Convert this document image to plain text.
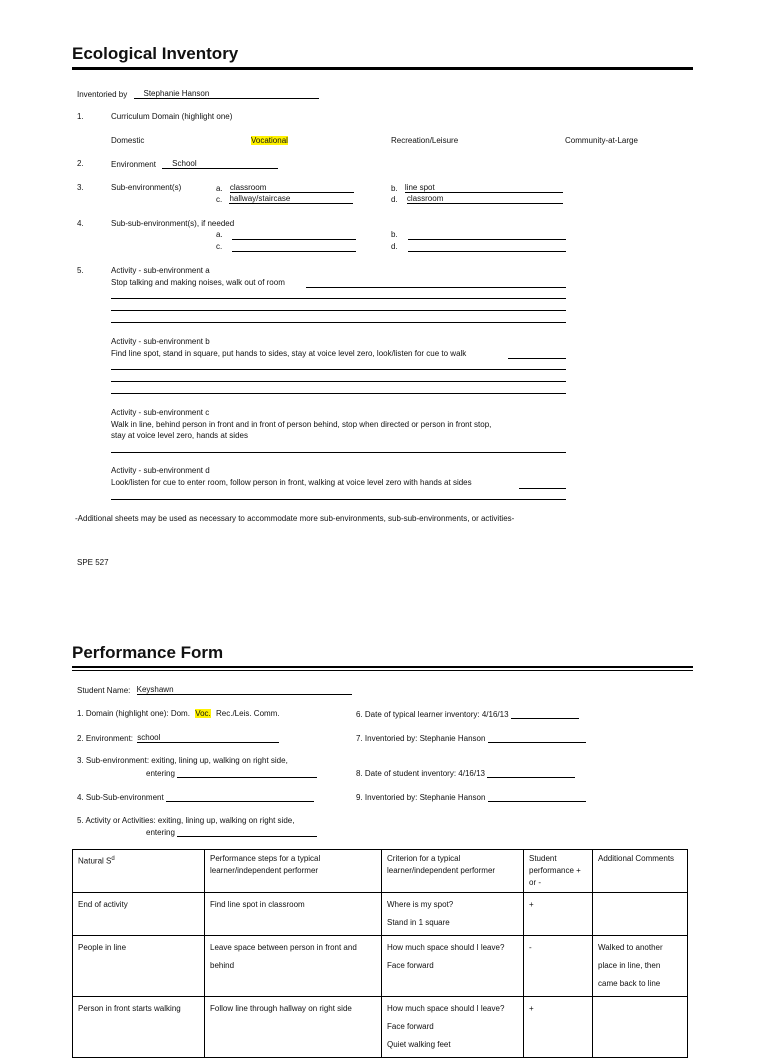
Ecological Inventory
Inventoried by Stephanie Hanson
1.	Curriculum Domain (highlight one)
Domestic	Vocational	Recreation/Leisure	Community-at-Large
2.	Environment School
3.	Sub-environment(s)	a. classroom	b. line spot
c. hallway/staircase	d. classroom
4.	Sub-sub-environment(s), if needed
a.	b.
c.	d.
5.	Activity - sub-environment a
Stop talking and making noises, walk out of room
Activity - sub-environment b
Find line spot, stand in square, put hands to sides, stay at voice level zero, look/listen for cue to walk
Activity - sub-environment c
Walk in line, behind person in front and in front of person behind, stop when directed or person in front stop,
stay at voice level zero, hands at sides
Activity - sub-environment d
Look/listen for cue to enter room, follow person in front, walking at voice level zero with hands at sides
-Additional sheets may be used as necessary to accommodate more sub-environments, sub-sub-environments, or activities-
SPE 527
Performance Form
Student Name: Keyshawn
1. Domain (highlight one): Dom. Voc. Rec./Leis. Comm.	6. Date of typical learner inventory: 4/16/13
2. Environment: school	7. Inventoried by: Stephanie Hanson
3. Sub-environment: exiting, lining up, walking on right side,
entering	8. Date of student inventory: 4/16/13
4. Sub-Sub-environment	9. Inventoried by: Stephanie Hanson
5. Activity or Activities: exiting, lining up, walking on right side,
entering
Natural $S^d$	Performance steps for a typical learner/independent performer	Criterion for a typical learner/independent performer	Student performance + or -	Additional Comments
End of activity	Find line spot in classroom	Where is my spot?
Stand in 1 square	+	
People in line	Leave space between person in front and behind	How much space should I leave?
Face forward	-	Walked to another place in line, then came back to line
Person in front starts walking	Follow line through hallway on right side	How much space should I leave?
Face forward
Quiet walking feet	+	
